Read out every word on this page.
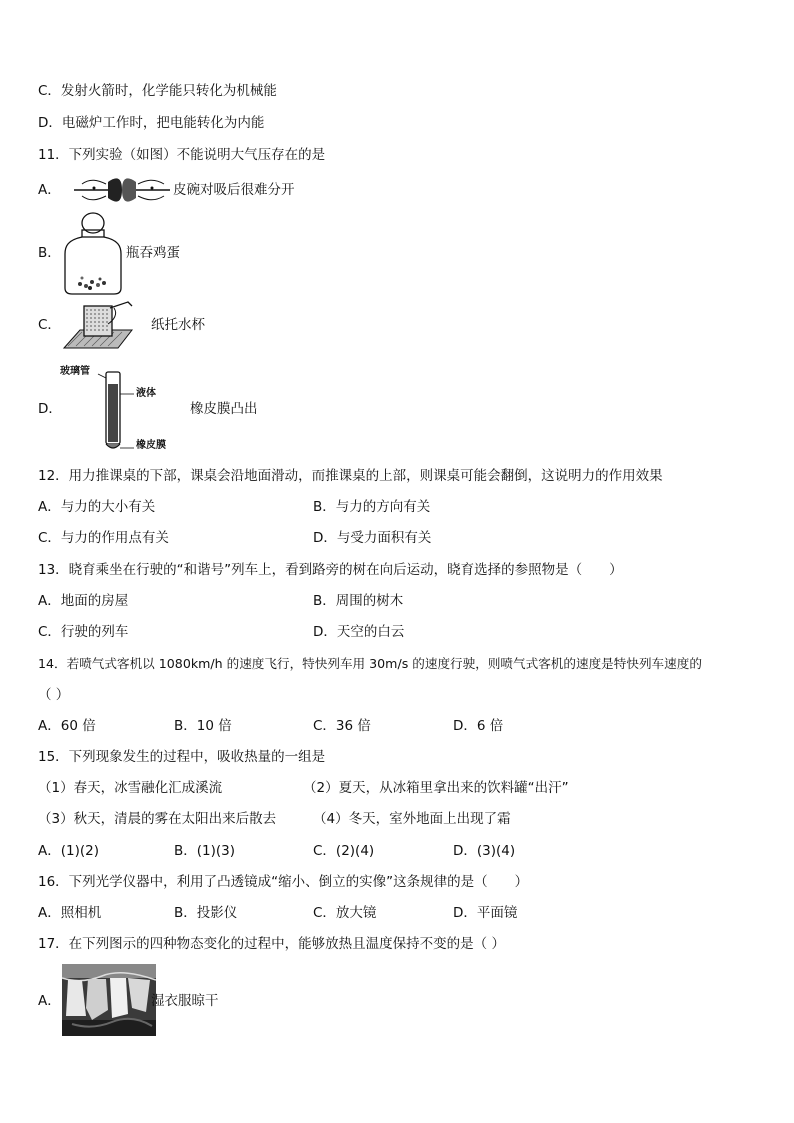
C．发射火箭时，化学能只转化为机械能
D．电磁炉工作时，把电能转化为内能
11．下列实验（如图）不能说明大气压存在的是
A．	皮碗对吸后很难分开
B．	瓶吞鸡蛋
C．	纸托水杯
D．
玻璃管
液体
橡皮膜
橡皮膜凸出
12．用力推课桌的下部，课桌会沿地面滑动，而推课桌的上部，则课桌可能会翻倒，这说明力的作用效果
A．与力的大小有关	B．与力的方向有关
C．与力的作用点有关	D．与受力面积有关
13．晓育乘坐在行驶的“和谐号”列车上，看到路旁的树在向后运动，晓育选择的参照物是（　　）
A．地面的房屋	B．周围的树木
C．行驶的列车	D．天空的白云
14．若喷气式客机以 1080km/h 的速度飞行，特快列车用 30m/s 的速度行驶，则喷气式客机的速度是特快列车速度的
（ ）
A．60 倍	B．10 倍	C．36 倍	D．6 倍
15．下列现象发生的过程中，吸收热量的一组是
（1）春天，冰雪融化汇成溪流	（2）夏天，从冰箱里拿出来的饮料罐“出汗”
（3）秋天，清晨的雾在太阳出来后散去	（4）冬天，室外地面上出现了霜
A．(1)(2)	B．(1)(3)	C．(2)(4)	D．(3)(4)
16．下列光学仪器中，利用了凸透镜成“缩小、倒立的实像”这条规律的是（　　）
A．照相机	B．投影仪	C．放大镜	D．平面镜
17．在下列图示的四种物态变化的过程中，能够放热且温度保持不变的是（ ）
A．	湿衣服晾干
